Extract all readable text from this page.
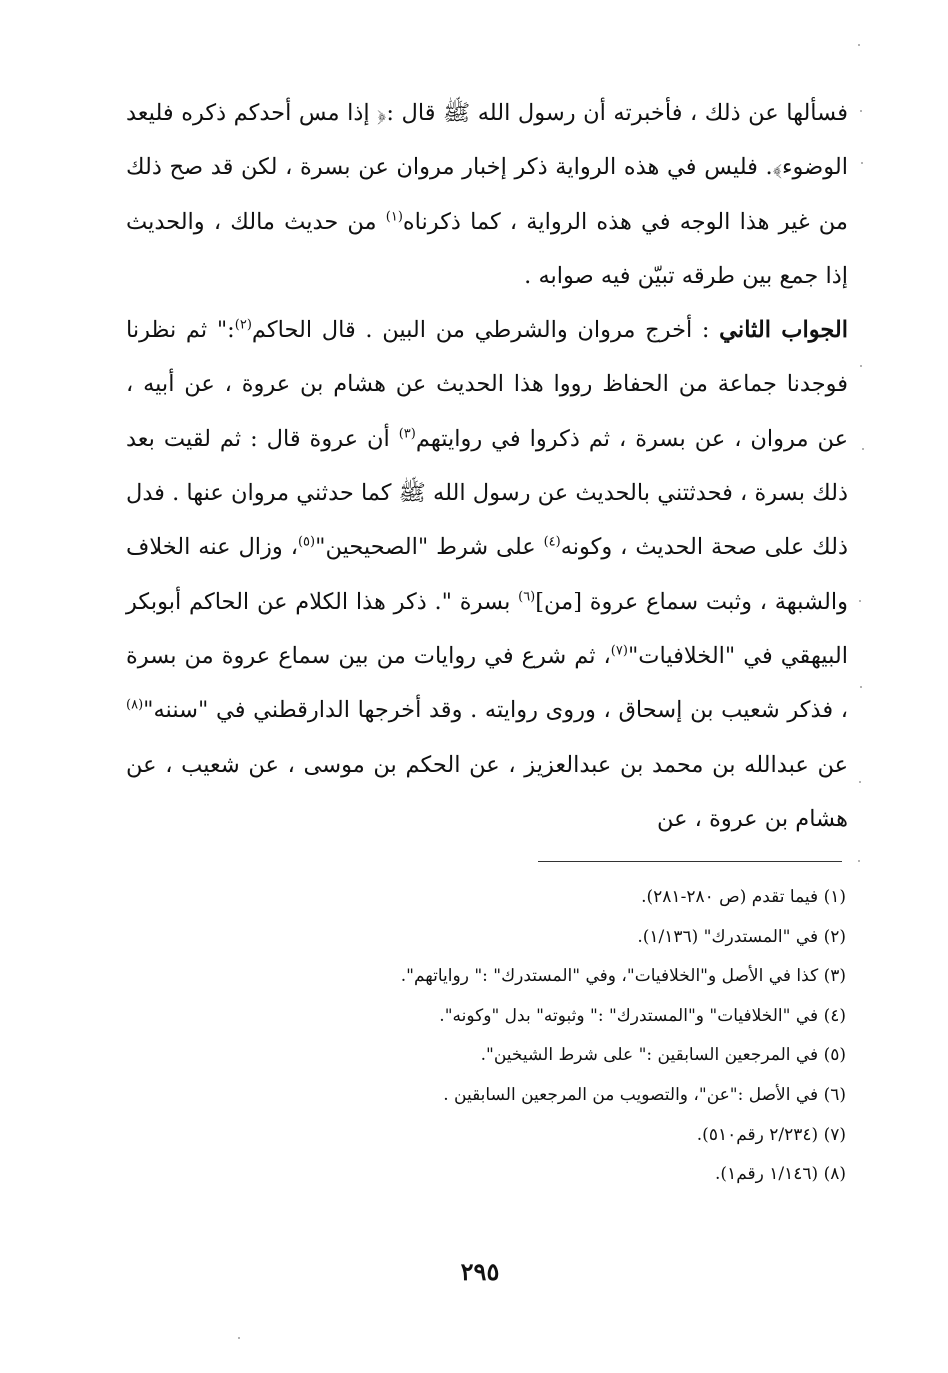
فسألها عن ذلك ، فأخبرته أن رسول الله ﷺ قال :﴿ إذا مس أحدكم ذكره فليعد الوضوء﴾. فليس في هذه الرواية ذكر إخبار مروان عن بسرة ، لكن قد صح ذلك من غير هذا الوجه في هذه الرواية ، كما ذكرناه$^{(١)}$ من حديث مالك ، والحديث إذا جمع بين طرقه تبيّن فيه صوابه .

الجواب الثاني : أخرج مروان والشرطي من البين . قال الحاكم$^{(٢)}$:" ثم نظرنا فوجدنا جماعة من الحفاظ رووا هذا الحديث عن هشام بن عروة ، عن أبيه ، عن مروان ، عن بسرة ، ثم ذكروا في روايتهم$^{(٣)}$ أن عروة قال : ثم لقيت بعد ذلك بسرة ، فحدثتني بالحديث عن رسول الله ﷺ كما حدثني مروان عنها . فدل ذلك على صحة الحديث ، وكونه$^{(٤)}$ على شرط "الصحيحين"$^{(٥)}$، وزال عنه الخلاف والشبهة ، وثبت سماع عروة [من]$^{(٦)}$ بسرة ". ذكر هذا الكلام عن الحاكم أبوبكر البيهقي في "الخلافيات"$^{(٧)}$، ثم شرع في روايات من بين سماع عروة من بسرة ، فذكر شعيب بن إسحاق ، وروى روايته . وقد أخرجها الدارقطني في "سننه"$^{(٨)}$ عن عبدالله بن محمد بن عبدالعزيز ، عن الحكم بن موسى ، عن شعيب ، عن هشام بن عروة ، عن

(١) فيما تقدم (ص ٢٨٠-٢٨١).
(٢) في "المستدرك" (١/١٣٦).
(٣) كذا في الأصل و"الخلافيات"، وفي "المستدرك" :" رواياتهم".
(٤) في "الخلافيات" و"المستدرك" :" وثبوته" بدل "وكونه".
(٥) في المرجعين السابقين :" على شرط الشيخين".
(٦) في الأصل :"عن"، والتصويب من المرجعين السابقين .
(٧) (٢/٢٣٤ رقم٥١٠).
(٨) (١/١٤٦ رقم١).
٢٩٥
